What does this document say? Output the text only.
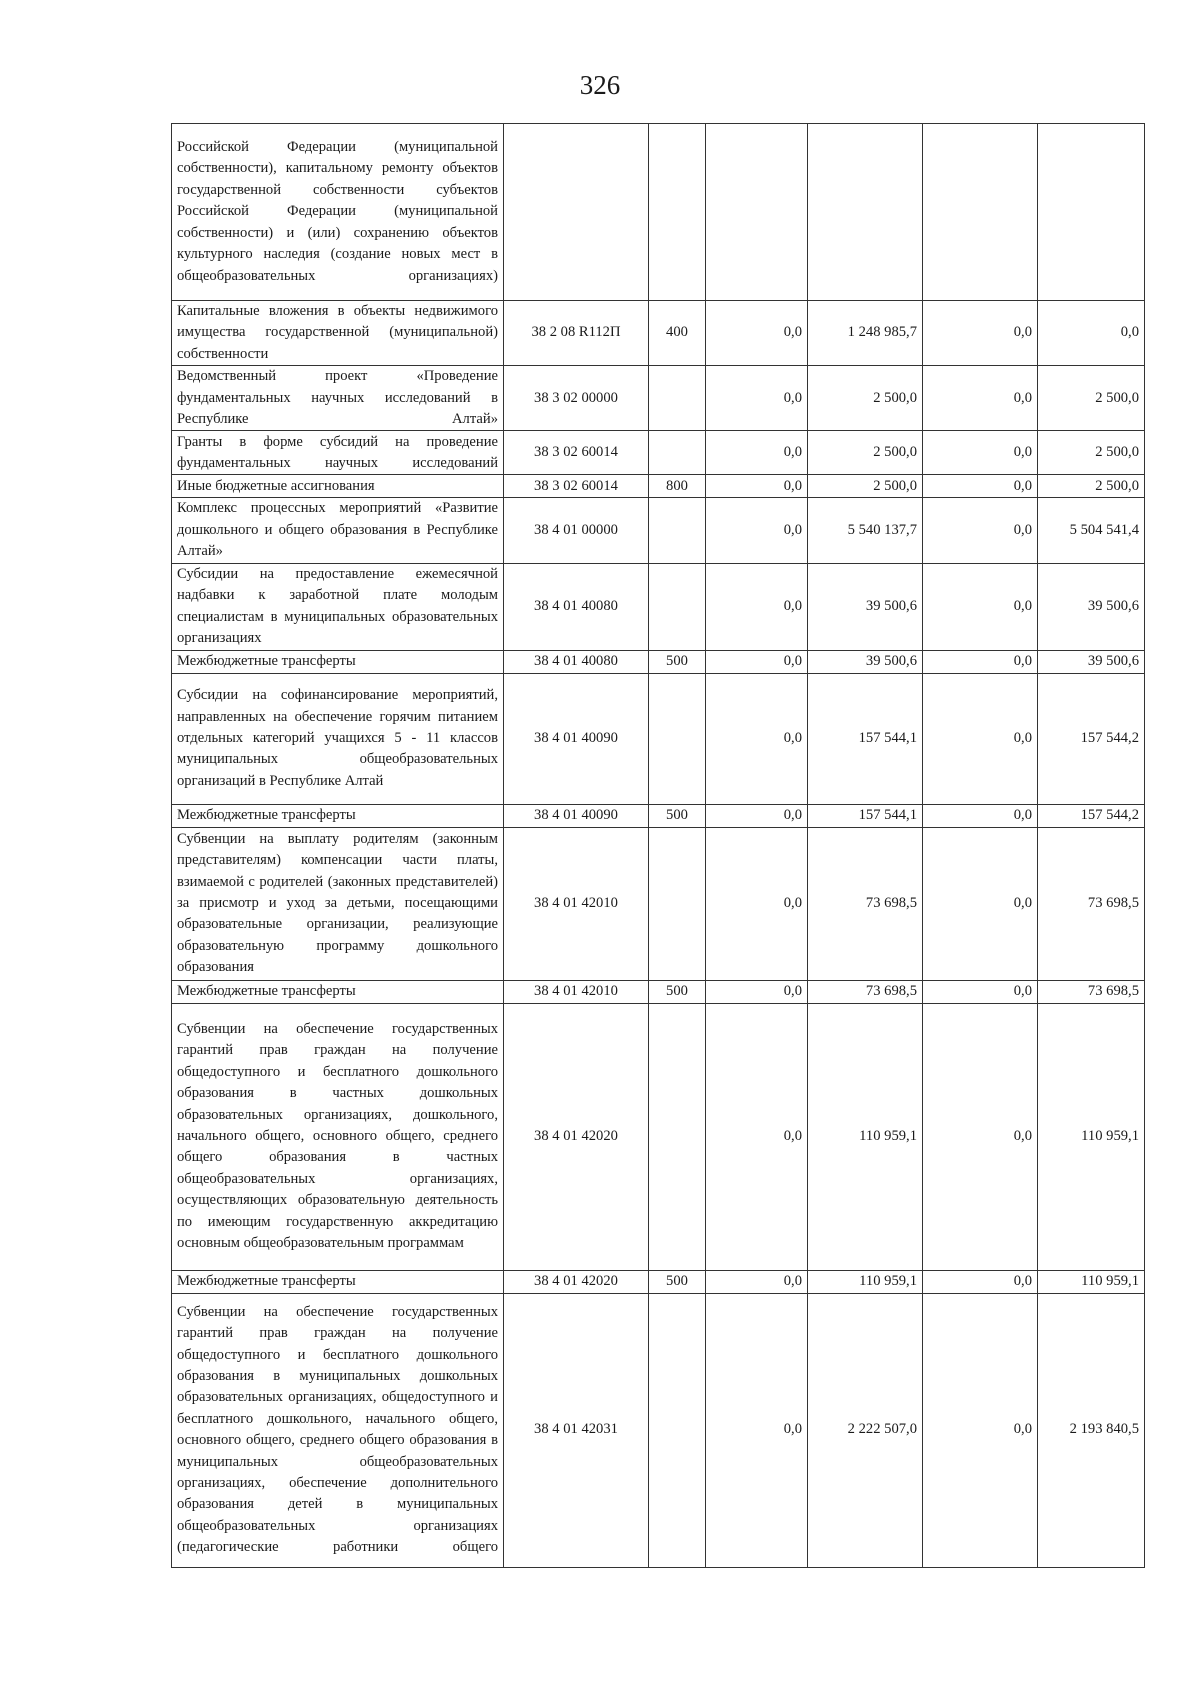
326
Российской Федерации (муниципальной собственности), капитальному ремонту объектов государственной собственности субъектов Российской Федерации (муниципальной собственности) и (или) сохранению объектов культурного наследия (создание новых мест в общеобразовательных организациях)						
Капитальные вложения в объекты недвижимого имущества государственной (муниципальной) собственности	38 2 08 R112П	400	0,0	1 248 985,7	0,0	0,0
Ведомственный проект «Проведение фундаментальных научных исследований в Республике Алтай»	38 3 02 00000		0,0	2 500,0	0,0	2 500,0
Гранты в форме субсидий на проведение фундаментальных научных исследований	38 3 02 60014		0,0	2 500,0	0,0	2 500,0
Иные бюджетные ассигнования	38 3 02 60014	800	0,0	2 500,0	0,0	2 500,0
Комплекс процессных мероприятий «Развитие дошкольного и общего образования в Республике Алтай»	38 4 01 00000		0,0	5 540 137,7	0,0	5 504 541,4
Субсидии на предоставление ежемесячной надбавки к заработной плате молодым специалистам в муниципальных образовательных организациях	38 4 01 40080		0,0	39 500,6	0,0	39 500,6
Межбюджетные трансферты	38 4 01 40080	500	0,0	39 500,6	0,0	39 500,6
Субсидии на софинансирование мероприятий, направленных на обеспечение горячим питанием отдельных категорий учащихся 5 - 11 классов муниципальных общеобразовательных организаций в Республике Алтай	38 4 01 40090		0,0	157 544,1	0,0	157 544,2
Межбюджетные трансферты	38 4 01 40090	500	0,0	157 544,1	0,0	157 544,2
Субвенции на выплату родителям (законным представителям) компенсации части платы, взимаемой с родителей (законных представителей) за присмотр и уход за детьми, посещающими образовательные организации, реализующие образовательную программу дошкольного образования	38 4 01 42010		0,0	73 698,5	0,0	73 698,5
Межбюджетные трансферты	38 4 01 42010	500	0,0	73 698,5	0,0	73 698,5
Субвенции на обеспечение государственных гарантий прав граждан на получение общедоступного и бесплатного дошкольного образования в частных дошкольных образовательных организациях, дошкольного, начального общего, основного общего, среднего общего образования в частных общеобразовательных организациях, осуществляющих образовательную деятельность по имеющим государственную аккредитацию основным общеобразовательным программам	38 4 01 42020		0,0	110 959,1	0,0	110 959,1
Межбюджетные трансферты	38 4 01 42020	500	0,0	110 959,1	0,0	110 959,1
Субвенции на обеспечение государственных гарантий прав граждан на получение общедоступного и бесплатного дошкольного образования в муниципальных дошкольных образовательных организациях, общедоступного и бесплатного дошкольного, начального общего, основного общего, среднего общего образования в муниципальных общеобразовательных организациях, обеспечение дополнительного образования детей в муниципальных общеобразовательных организациях (педагогические работники общего	38 4 01 42031		0,0	2 222 507,0	0,0	2 193 840,5
